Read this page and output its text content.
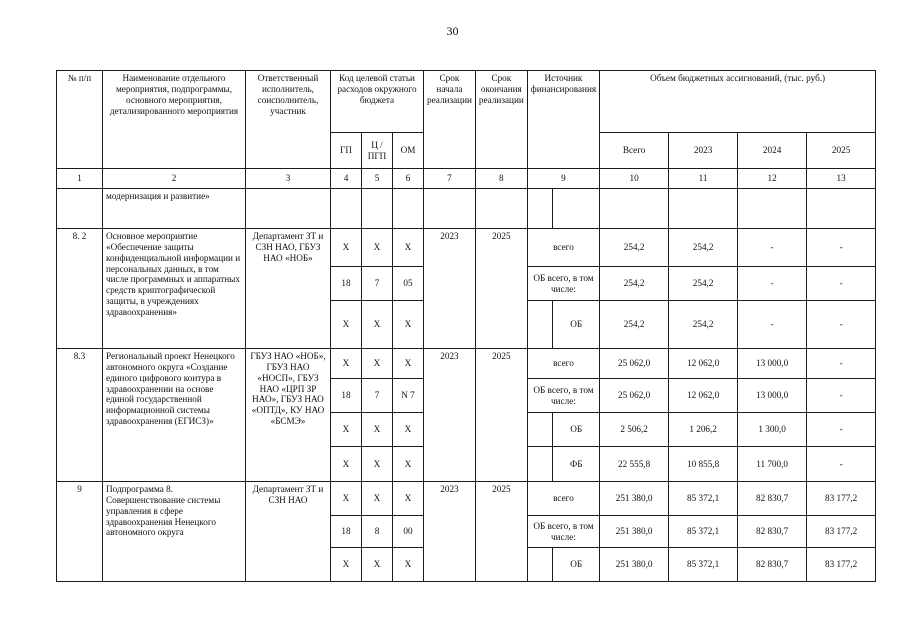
30
№ п/п	Наименование отдельного мероприятия, подпрограммы, основного мероприятия, детализированного мероприятия	Ответственный исполнитель, соисполнитель, участник	Код целевой статьи расходов окружного бюджета			Срок начала реализации	Срок окончания реализации	Источник финансирования		Объем бюджетных ассигнований, (тыс. руб.)			
			ГП	Ц / ПГП	ОМ					Всего	2023	2024	2025
1	2	3	4	5	6	7	8	9		10	11	12	13
	модернизация и развитие»												
8. 2	Основное мероприятие «Обеспечение защиты конфиденциальной информации и персональных данных, в том числе программных и аппаратных средств криптографической защиты, в учреждениях здравоохранения»	Департамент ЗТ и СЗН НАО, ГБУЗ НАО «НОБ»	Х	Х	Х	2023	2025	всего		254,2	254,2	-	-
			18	7	05			ОБ всего, в том числе:		254,2	254,2	-	-
			Х	Х	Х				ОБ	254,2	254,2	-	-
8.3	Региональный проект Ненецкого автономного округа «Создание единого цифрового контура в здравоохранении на основе единой государственной информационной системы здравоохранения (ЕГИСЗ)»	ГБУЗ НАО «НОБ», ГБУЗ НАО «НОСП», ГБУЗ НАО «ЦРП ЗР НАО», ГБУЗ НАО «ОПТД», КУ НАО «БСМЭ»	Х	Х	Х	2023	2025	всего		25 062,0	12 062,0	13 000,0	-
			18	7	N 7			ОБ всего, в том числе:		25 062,0	12 062,0	13 000,0	-
			Х	Х	Х				ОБ	2 506,2	1 206,2	1 300,0	-
			Х	Х	Х				ФБ	22 555,8	10 855,8	11 700,0	-
9	Подпрограмма 8. Совершенствование системы управления в сфере здравоохранения Ненецкого автономного округа	Департамент ЗТ и СЗН НАО	Х	Х	Х	2023	2025	всего		251 380,0	85 372,1	82 830,7	83 177,2
			18	8	00			ОБ всего, в том числе:		251 380,0	85 372,1	82 830,7	83 177,2
			Х	Х	Х				ОБ	251 380,0	85 372,1	82 830,7	83 177,2
